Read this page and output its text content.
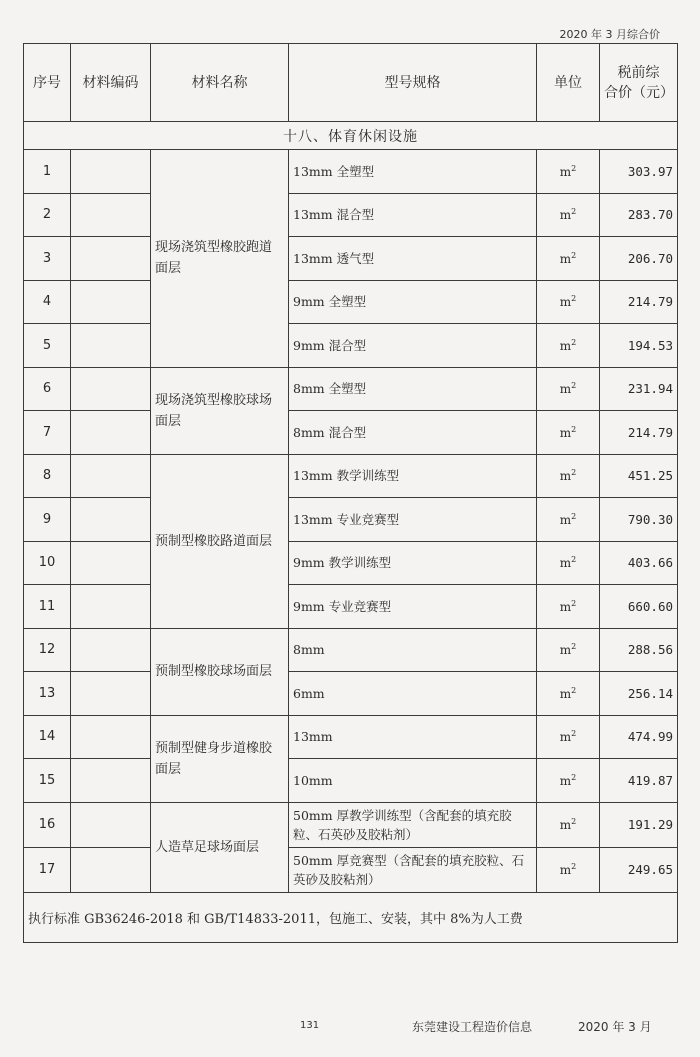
2020 年 3 月综合价
序号	材料编码	材料名称	型号规格	单位	税前综
合价（元）
十八、体育休闲设施					
1		现场浇筑型橡胶跑道面层	13mm 全塑型	$m^2$	303.97
2			13mm 混合型	$m^2$	283.70
3			13mm 透气型	$m^2$	206.70
4			9mm 全塑型	$m^2$	214.79
5			9mm 混合型	$m^2$	194.53
6		现场浇筑型橡胶球场面层	8mm 全塑型	$m^2$	231.94
7			8mm 混合型	$m^2$	214.79
8		预制型橡胶路道面层	13mm 教学训练型	$m^2$	451.25
9			13mm 专业竞赛型	$m^2$	790.30
10			9mm 教学训练型	$m^2$	403.66
11			9mm 专业竞赛型	$m^2$	660.60
12		预制型橡胶球场面层	8mm	$m^2$	288.56
13			6mm	$m^2$	256.14
14		预制型健身步道橡胶面层	13mm	$m^2$	474.99
15			10mm	$m^2$	419.87
16		人造草足球场面层	50mm 厚教学训练型（含配套的填充胶粒、石英砂及胶粘剂）	$m^2$	191.29
17			50mm 厚竞赛型（含配套的填充胶粒、石英砂及胶粘剂）	$m^2$	249.65
执行标准 GB36246-2018 和 GB/T14833-2011，包施工、安装，其中 8%为人工费					
131	东莞建设工程造价信息	2020 年 3 月
